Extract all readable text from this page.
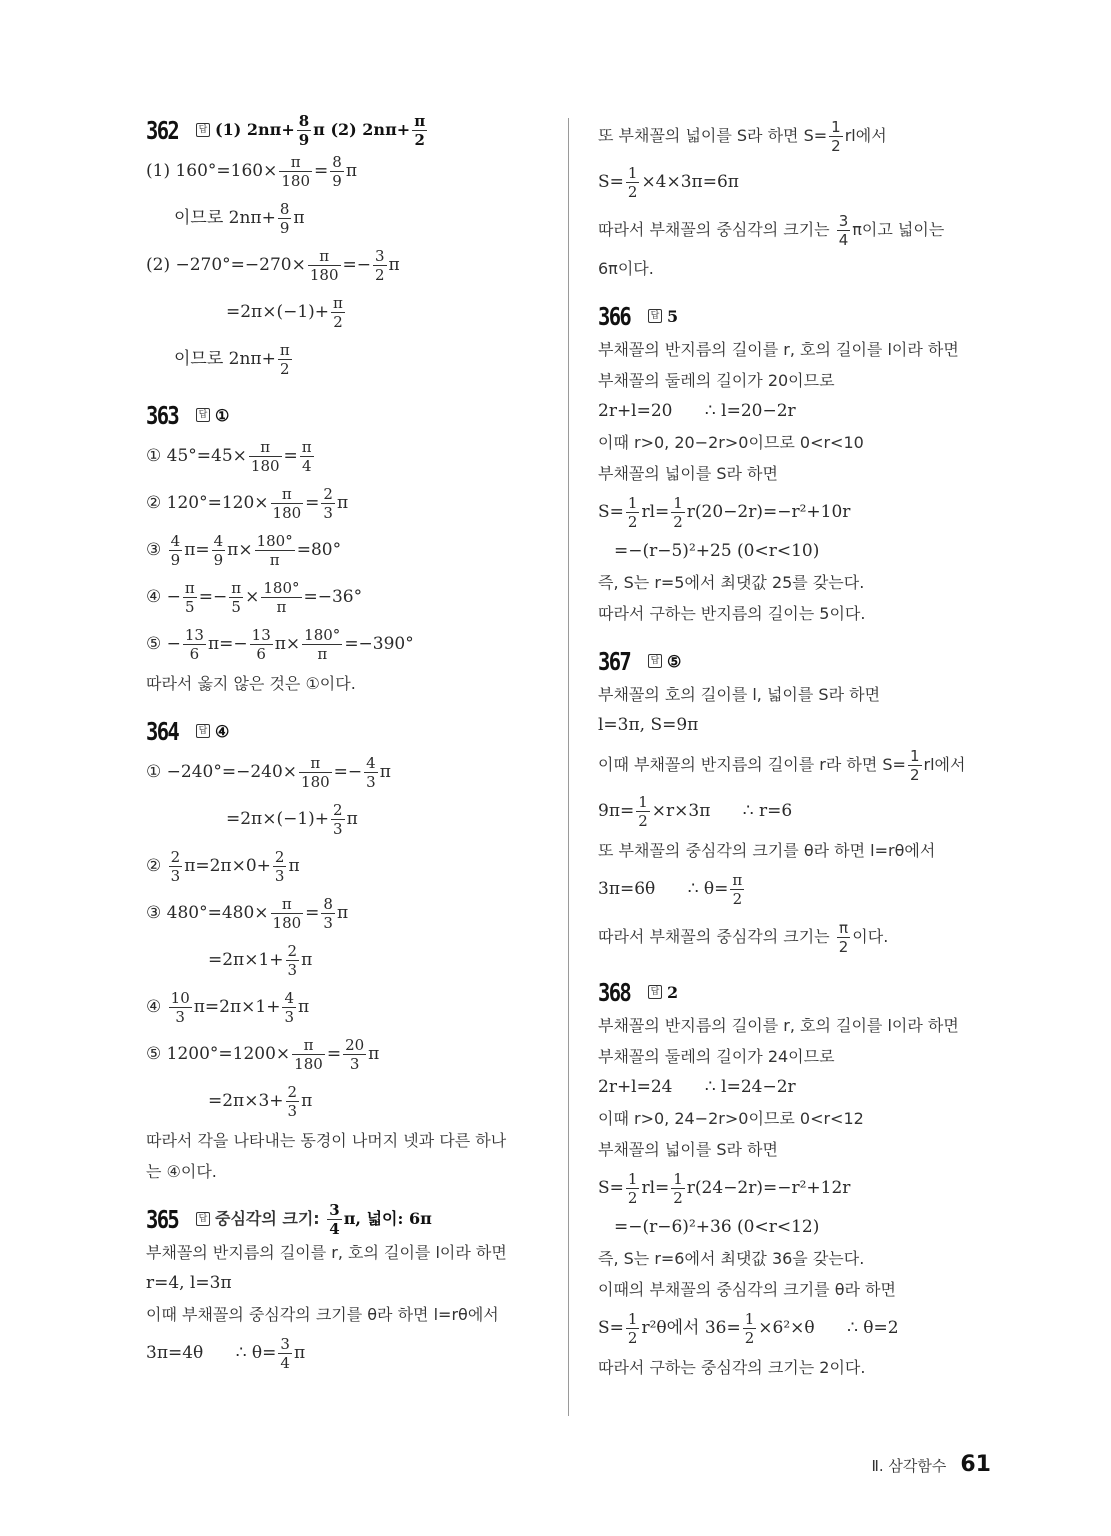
362	답 (1) $2n\pi+ \frac{8}{9}$ π (2) $2n\pi+ \frac{\pi}{2}$
(1) $160^\circ=160\times \frac{\pi}{180} = \frac{8}{9}$ π
이므로 $2n\pi+ \frac{8}{9}$ π
$(2) -270^\circ=-270\times \frac{\pi}{180} =- \frac{3}{2}$ π
$=2\pi\times(-1)+ \frac{\pi}{2}$
이므로 $2n\pi+ \frac{\pi}{2}$
363	답 ①
① $45^\circ=45\times \frac{\pi}{180} = \frac{\pi}{4}$
② $120^\circ=120\times \frac{\pi}{180} = \frac{2}{3}$ π
③ $\frac{4}{9} \pi= \frac{4}{9} \pi\times \frac{180^\circ}{\pi} =80^\circ$
④ − $\frac{\pi}{5} =- \frac{\pi}{5} \times \frac{180^\circ}{\pi} =-36^\circ$
⑤ − $\frac{13}{6} \pi=- \frac{13}{6} \pi\times \frac{180^\circ}{\pi} =-390^\circ$
따라서 옳지 않은 것은 ①이다.
364	답 ④
① $-240^\circ=-240\times \frac{\pi}{180} =- \frac{4}{3}$ π
$=2\pi\times(-1)+ \frac{2}{3}$ π
② $\frac{2}{3} \pi=2\pi\times 0+ \frac{2}{3}$ π
③ $480^\circ=480\times \frac{\pi}{180} = \frac{8}{3}$ π
$=2\pi\times 1+ \frac{2}{3}$ π
④ $\frac{10}{3} \pi=2\pi\times 1+ \frac{4}{3}$ π
⑤ $1200^\circ=1200\times \frac{\pi}{180} = \frac{20}{3}$ π
$=2\pi\times 3+ \frac{2}{3}$ π
따라서 각을 나타내는 동경이 나머지 넷과 다른 하나
는 ④이다.
365	답 중심각의 크기: $\frac{3}{4} \pi$, 넓이: 6π
부채꼴의 반지름의 길이를 r, 호의 길이를 l이라 하면
r=4, l=3π
이때 부채꼴의 중심각의 크기를 θ라 하면 l=rθ에서
3π=4θ      ∴ $\theta= \frac{3}{4}$ π
또 부채꼴의 넓이를 S라 하면 $S= \frac{1}{2}$ rl에서
$S= \frac{1}{2} \times 4\times 3\pi=6\pi$
따라서 부채꼴의 중심각의 크기는 $\frac{3}{4}$ π이고 넓이는
6π이다.
366	답 5
부채꼴의 반지름의 길이를 r, 호의 길이를 l이라 하면
부채꼴의 둘레의 길이가 20이므로
2r+l=20      ∴ l=20−2r
이때 r>0, 20−2r>0이므로 0<r<10
부채꼴의 넓이를 S라 하면
$S= \frac{1}{2} rl= \frac{1}{2} r(20-2r)=-r^2+10r$
=−(r−5)²+25 (0<r<10)
즉, S는 r=5에서 최댓값 25를 갖는다.
따라서 구하는 반지름의 길이는 5이다.
367	답 ⑤
부채꼴의 호의 길이를 l, 넓이를 S라 하면
l=3π, S=9π
이때 부채꼴의 반지름의 길이를 r라 하면 $S= \frac{1}{2}$ rl에서
$9\pi= \frac{1}{2} \times r\times 3\pi$      ∴ r=6
또 부채꼴의 중심각의 크기를 θ라 하면 l=rθ에서
3π=6θ      ∴ $\theta= \frac{\pi}{2}$
따라서 부채꼴의 중심각의 크기는 $\frac{\pi}{2}$ 이다.
368	답 2
부채꼴의 반지름의 길이를 r, 호의 길이를 l이라 하면
부채꼴의 둘레의 길이가 24이므로
2r+l=24      ∴ l=24−2r
이때 r>0, 24−2r>0이므로 0<r<12
부채꼴의 넓이를 S라 하면
$S= \frac{1}{2} rl= \frac{1}{2} r(24-2r)=-r^2+12r$
=−(r−6)²+36 (0<r<12)
즉, S는 r=6에서 최댓값 36을 갖는다.
이때의 부채꼴의 중심각의 크기를 θ라 하면
$S= \frac{1}{2} r^2\theta$에서 $36= \frac{1}{2} \times 6^2\times\theta$      ∴ θ=2
따라서 구하는 중심각의 크기는 2이다.
Ⅱ. 삼각함수 61
